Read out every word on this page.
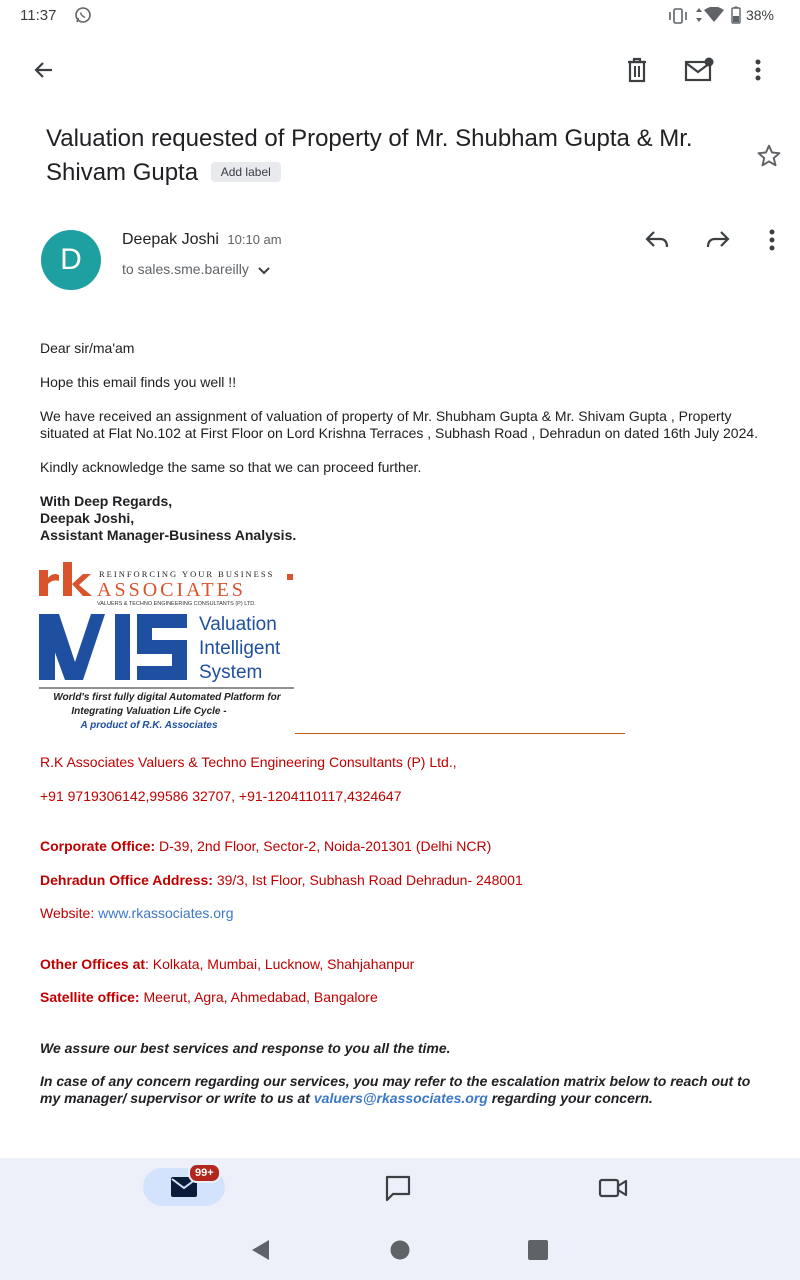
11:37	38%
Valuation requested of Property of Mr. Shubham Gupta & Mr. Shivam Gupta Add label
D
Deepak Joshi 10:10 am
to sales.sme.bareilly

Dear sir/ma'am

Hope this email finds you well !!

We have received an assignment of valuation of property of Mr. Shubham Gupta & Mr. Shivam Gupta , Property situated at Flat No.102 at First Floor on Lord Krishna Terraces , Subhash Road , Dehradun on dated 16th July 2024.

Kindly acknowledge the same so that we can proceed further.

With Deep Regards,
Deepak Joshi,
Assistant Manager-Business Analysis.
REINFORCING YOUR BUSINESS
ASSOCIATES
VALUERS & TECHNO ENGINEERING CONSULTANTS (P) LTD.
Valuation
Intelligent
System
World's first fully digital Automated Platform for
Integrating Valuation Life Cycle -
A product of R.K. Associates

R.K Associates Valuers & Techno Engineering Consultants (P) Ltd.,

+91 9719306142,99586 32707, +91-1204110117,4324647

Corporate Office: D-39, 2nd Floor, Sector-2, Noida-201301 (Delhi NCR)

Dehradun Office Address: 39/3, Ist Floor, Subhash Road Dehradun- 248001

Website: www.rkassociates.org

Other Offices at: Kolkata, Mumbai, Lucknow, Shahjahanpur

Satellite office: Meerut, Agra, Ahmedabad, Bangalore

We assure our best services and response to you all the time.

In case of any concern regarding our services, you may refer to the escalation matrix below to reach out to my manager/ supervisor or write to us at valuers@rkassociates.org regarding your concern.

99+
